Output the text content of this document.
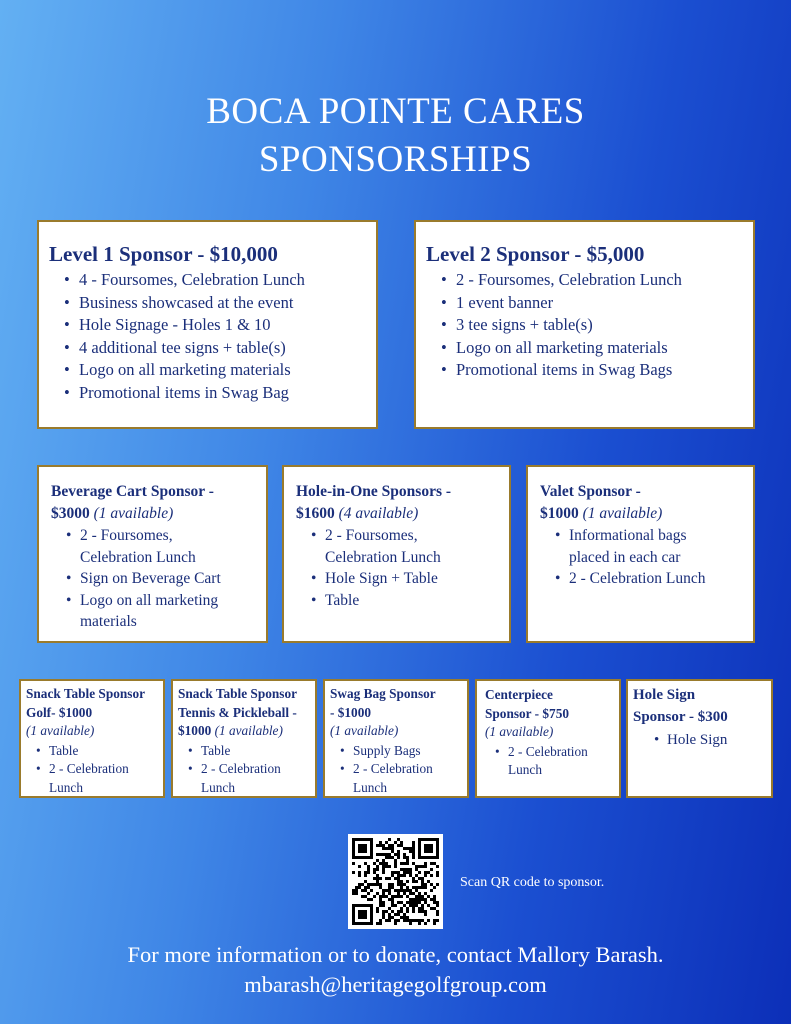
BOCA POINTE CARES
SPONSORSHIPS
Level 1 Sponsor - $10,000
• 4 - Foursomes, Celebration Lunch
• Business showcased at the event
• Hole Signage - Holes 1 & 10
• 4 additional tee signs + table(s)
• Logo on all marketing materials
• Promotional items in Swag Bag
Level 2 Sponsor - $5,000
• 2 - Foursomes, Celebration Lunch
• 1 event banner
• 3 tee signs + table(s)
• Logo on all marketing materials
• Promotional items in Swag Bags
Beverage Cart Sponsor -
$3000 (1 available)
• 2 - Foursomes,
Celebration Lunch
• Sign on Beverage Cart
• Logo on all marketing
materials
Hole-in-One Sponsors -
$1600 (4 available)
• 2 - Foursomes,
Celebration Lunch
• Hole Sign + Table
• Table
Valet Sponsor -
$1000 (1 available)
• Informational bags
placed in each car
• 2 - Celebration Lunch
Snack Table Sponsor
Golf- $1000
(1 available)
• Table
• 2 - Celebration
Lunch
Snack Table Sponsor
Tennis & Pickleball -
$1000 (1 available)
• Table
• 2 - Celebration
Lunch
Swag Bag Sponsor
- $1000
(1 available)
• Supply Bags
• 2 - Celebration
Lunch
Centerpiece
Sponsor - $750
(1 available)
• 2 - Celebration
Lunch
Hole Sign
Sponsor - $300
• Hole Sign
Scan QR code to sponsor.
For more information or to donate, contact Mallory Barash.
mbarash@heritagegolfgroup.com
